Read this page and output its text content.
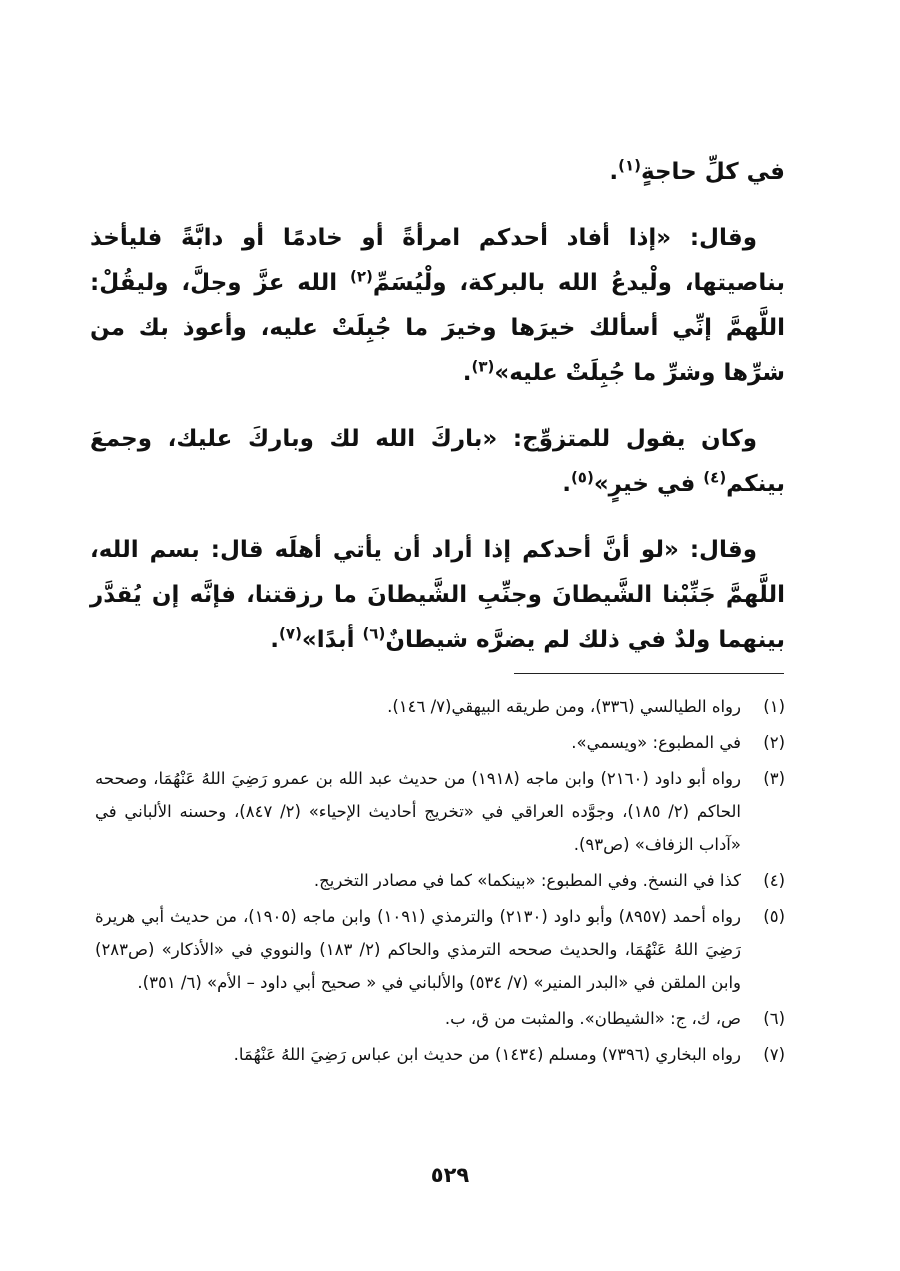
في كلِّ حاجةٍ$^{(١)}$.

وقال: «إذا أفاد أحدكم امرأةً أو خادمًا أو دابَّةً فليأخذ بناصيتها، ولْيدعُ الله بالبركة، ولْيُسَمِّ$^{(٢)}$ الله عزَّ وجلَّ، وليقُلْ: اللَّهمَّ إنِّي أسألك خيرَها وخيرَ ما جُبِلَتْ عليه، وأعوذ بك من شرِّها وشرِّ ما جُبِلَتْ عليه»$^{(٣)}$.

وكان يقول للمتزوِّج: «باركَ الله لك وباركَ عليك، وجمعَ بينكم$^{(٤)}$ في خيرٍ»$^{(٥)}$.

وقال: «لو أنَّ أحدكم إذا أراد أن يأتي أهلَه قال: بسم الله، اللَّهمَّ جَنِّبْنا الشَّيطانَ وجنِّبِ الشَّيطانَ ما رزقتنا، فإنَّه إن يُقدَّر بينهما ولدٌ في ذلك لم يضرَّه شيطانٌ$^{(٦)}$ أبدًا»$^{(٧)}$.

(١)
رواه الطيالسي (٣٣٦)، ومن طريقه البيهقي(٧/ ١٤٦).
(٢)
في المطبوع: «ويسمي».
(٣)
رواه أبو داود (٢١٦٠) وابن ماجه (١٩١٨) من حديث عبد الله بن عمرو رَضِيَ اللهُ عَنْهُمَا، وصححه الحاكم (٢/ ١٨٥)، وجوَّده العراقي في «تخريج أحاديث الإحياء» (٢/ ٨٤٧)، وحسنه الألباني في «آداب الزفاف» (ص٩٣).
(٤)
كذا في النسخ. وفي المطبوع: «بينكما» كما في مصادر التخريج.
(٥)
رواه أحمد (٨٩٥٧) وأبو داود (٢١٣٠) والترمذي (١٠٩١) وابن ماجه (١٩٠٥)، من حديث أبي هريرة رَضِيَ اللهُ عَنْهُمَا، والحديث صححه الترمذي والحاكم (٢/ ١٨٣) والنووي في «الأذكار» (ص٢٨٣) وابن الملقن في «البدر المنير» (٧/ ٥٣٤) والألباني في « صحيح أبي داود – الأم» (٦/ ٣٥١).
(٦)
ص، ك، ج: «الشيطان». والمثبت من ق، ب.
(٧)
رواه البخاري (٧٣٩٦) ومسلم (١٤٣٤) من حديث ابن عباس رَضِيَ اللهُ عَنْهُمَا.
٥٢٩
